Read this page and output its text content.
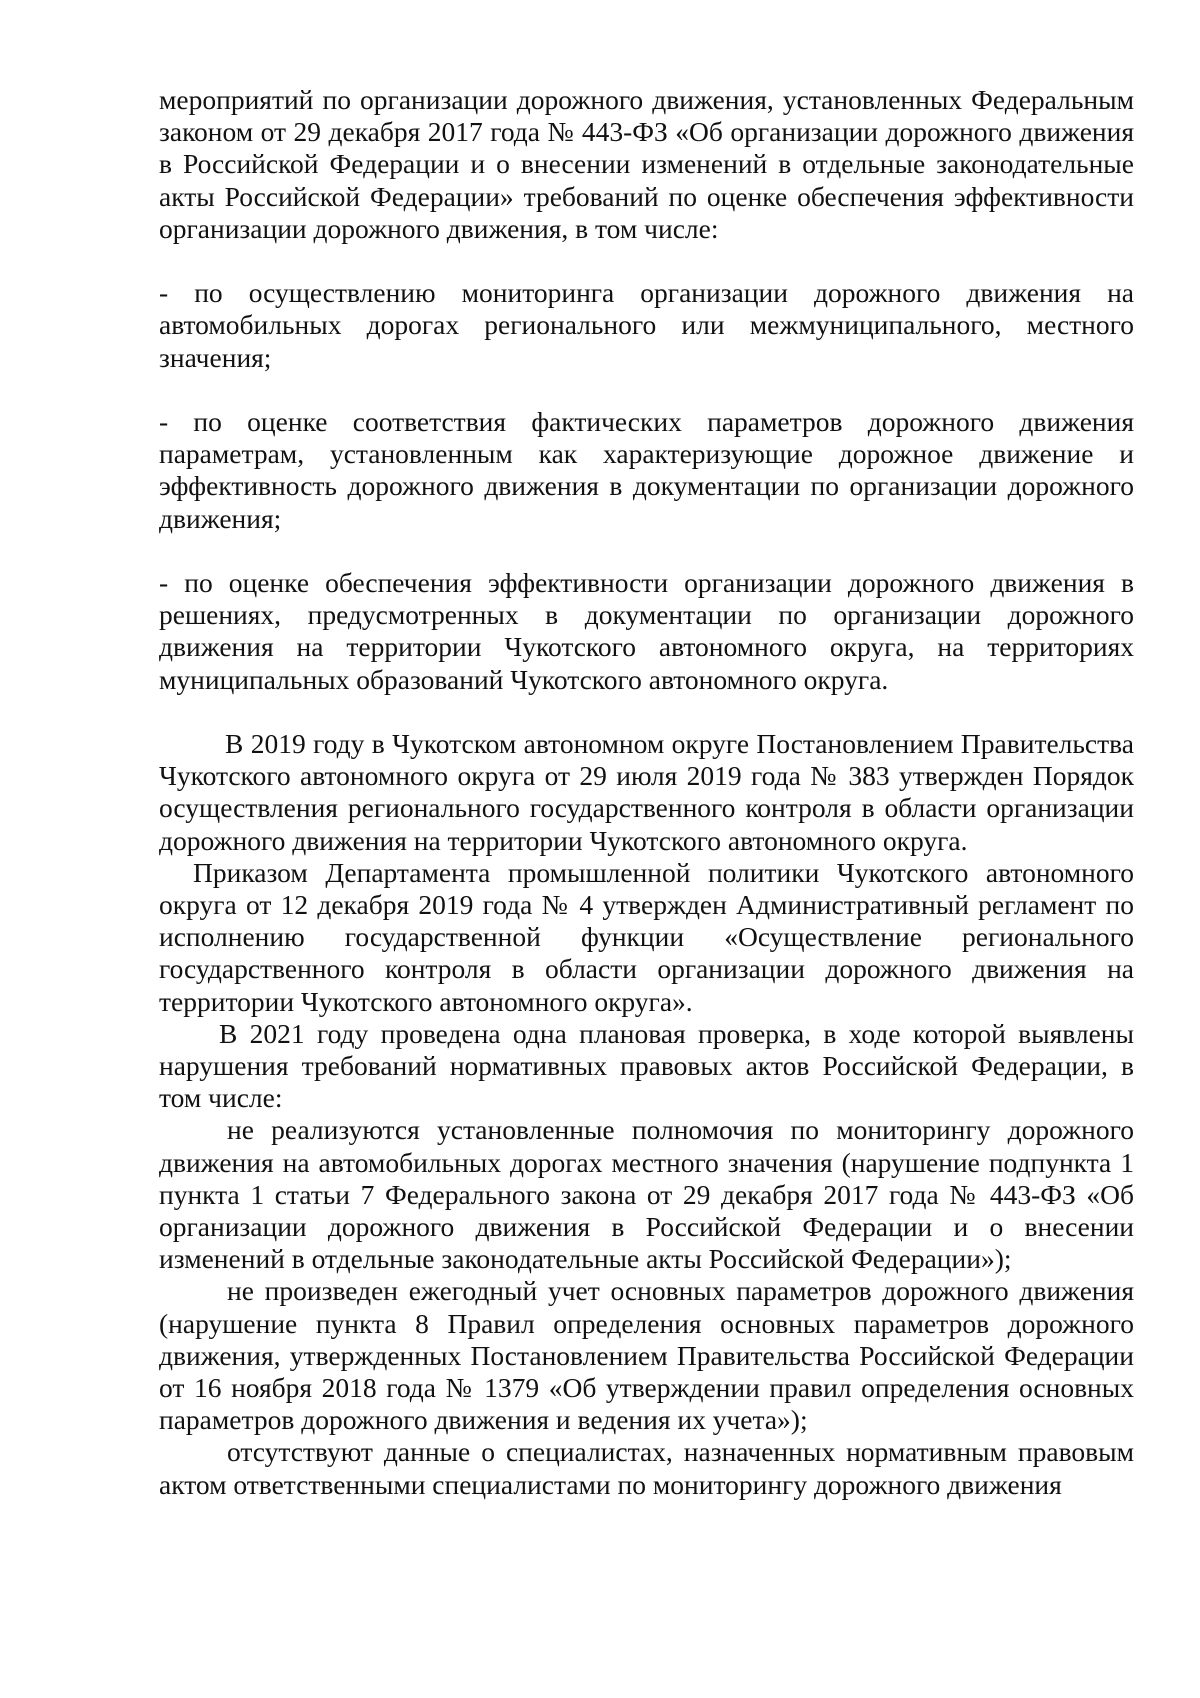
мероприятий по организации дорожного движения, установленных Федеральным законом от 29 декабря 2017 года № 443-ФЗ «Об организации дорожного движения в Российской Федерации и о внесении изменений в отдельные законодательные акты Российской Федерации» требований по оценке обеспечения эффективности организации дорожного движения, в том числе:

- по осуществлению мониторинга организации дорожного движения на автомобильных дорогах регионального или межмуниципального, местного значения;

- по оценке соответствия фактических параметров дорожного движения параметрам, установленным как характеризующие дорожное движение и эффективность дорожного движения в документации по организации дорожного движения;

- по оценке обеспечения эффективности организации дорожного движения в решениях, предусмотренных в документации по организации дорожного движения на территории Чукотского автономного округа, на территориях муниципальных образований Чукотского автономного округа.

В 2019 году в Чукотском автономном округе Постановлением Правительства Чукотского автономного округа от 29 июля 2019 года № 383 утвержден Порядок осуществления регионального государственного контроля в области организации дорожного движения на территории Чукотского автономного округа.

Приказом Департамента промышленной политики Чукотского автономного округа от 12 декабря 2019 года № 4 утвержден Административный регламент по исполнению государственной функции «Осуществление регионального государственного контроля в области организации дорожного движения на территории Чукотского автономного округа».

В 2021 году проведена одна плановая проверка, в ходе которой выявлены нарушения требований нормативных правовых актов Российской Федерации, в том числе:

не реализуются установленные полномочия по мониторингу дорожного движения на автомобильных дорогах местного значения (нарушение подпункта 1 пункта 1 статьи 7 Федерального закона от 29 декабря 2017 года № 443-ФЗ «Об организации дорожного движения в Российской Федерации и о внесении изменений в отдельные законодательные акты Российской Федерации»);

не произведен ежегодный учет основных параметров дорожного движения (нарушение пункта 8 Правил определения основных параметров дорожного движения, утвержденных Постановлением Правительства Российской Федерации от 16 ноября 2018 года № 1379 «Об утверждении правил определения основных параметров дорожного движения и ведения их учета»);

отсутствуют данные о специалистах, назначенных нормативным правовым актом ответственными специалистами по мониторингу дорожного движения
